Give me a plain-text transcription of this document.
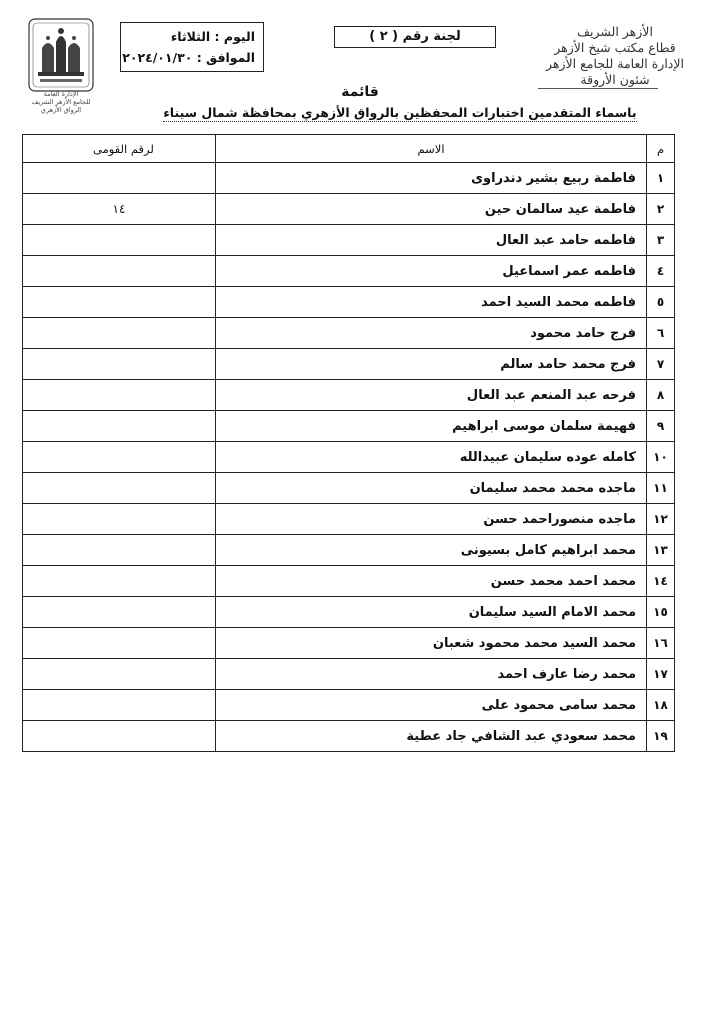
الأزهر الشريف
قطاع مكتب شيخ الأزهر
الإدارة العامة للجامع الأزهر
شئون الأروقة
لجنة رقم ( ٢ )
اليوم : الثلاثاء
الموافق : ٢٠٢٤/٠١/٣٠
الإدارة العامة
للجامع الأزهر الشريف
الرواق الأزهري
قائمة
باسماء المتقدمين اختبارات المحفظين بالرواق الأزهري بمحافظة شمال سيناء
م	الاسم	لرقم القومى
١	فاطمة ربيع بشير دندراوى	
٢	فاطمة عيد سالمان حين	١٤
٣	فاطمه حامد عبد العال	
٤	فاطمه عمر اسماعيل	
٥	فاطمه محمد السيد احمد	
٦	فرج حامد محمود	
٧	فرج محمد حامد سالم	
٨	فرحه عبد المنعم عبد العال	
٩	فهيمة سلمان موسى ابراهيم	
١٠	كامله عوده سليمان عبيدالله	
١١	ماجده محمد محمد سليمان	
١٢	ماجده منصوراحمد حسن	
١٣	محمد ابراهيم كامل بسيونى	
١٤	محمد احمد محمد حسن	
١٥	محمد الامام السيد سليمان	
١٦	محمد السيد محمد محمود شعبان	
١٧	محمد رضا عارف احمد	
١٨	محمد سامى محمود على	
١٩	محمد سعودي عبد الشافي جاد عطية	
